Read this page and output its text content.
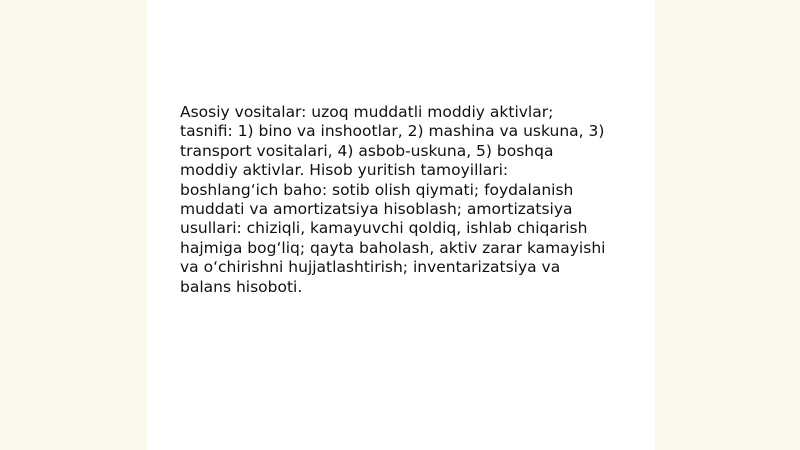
Asosiy vositalar: uzoq muddatli moddiy aktivlar;
tasnifi: 1) bino va inshootlar, 2) mashina va uskuna, 3)
transport vositalari, 4) asbob-uskuna, 5) boshqa
moddiy aktivlar. Hisob yuritish tamoyillari:
boshlang‘ich baho: sotib olish qiymati; foydalanish
muddati va amortizatsiya hisoblash; amortizatsiya
usullari: chiziqli, kamayuvchi qoldiq, ishlab chiqarish
hajmiga bog‘liq; qayta baholash, aktiv zarar kamayishi
va o‘chirishni hujjatlashtirish; inventarizatsiya va
balans hisoboti.
